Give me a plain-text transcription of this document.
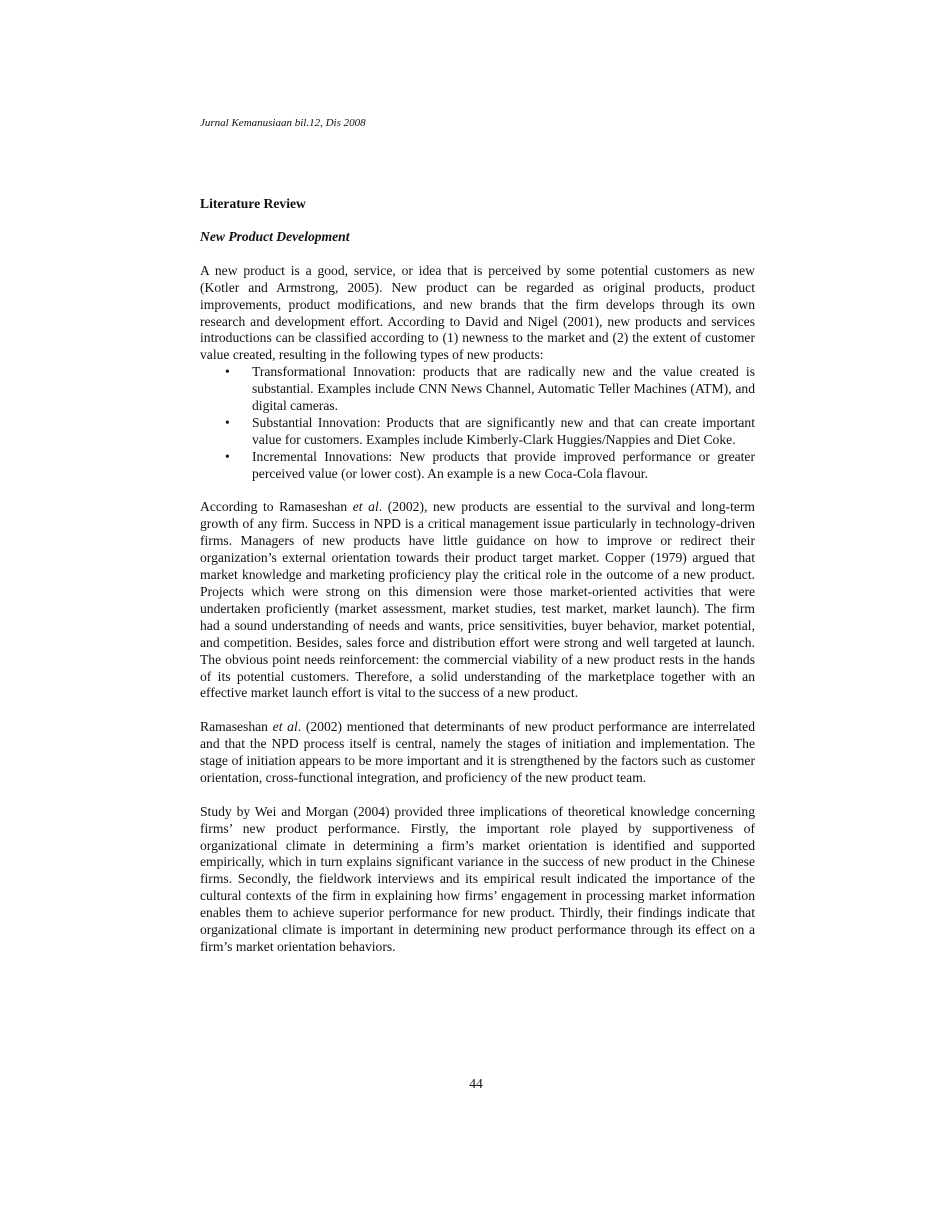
Jurnal Kemanusiaan bil.12, Dis 2008
Literature Review
New Product Development

A new product is a good, service, or idea that is perceived by some potential customers as new (Kotler and Armstrong, 2005). New product can be regarded as original products, product improvements, product modifications, and new brands that the firm develops through its own research and development effort. According to David and Nigel (2001), new products and services introductions can be classified according to (1) newness to the market and (2) the extent of customer value created, resulting in the following types of new products:

• Transformational Innovation: products that are radically new and the value created is substantial. Examples include CNN News Channel, Automatic Teller Machines (ATM), and digital cameras.
• Substantial Innovation: Products that are significantly new and that can create important value for customers. Examples include Kimberly-Clark Huggies/Nappies and Diet Coke.
• Incremental Innovations: New products that provide improved performance or greater perceived value (or lower cost). An example is a new Coca-Cola flavour.

According to Ramaseshan et al. (2002), new products are essential to the survival and long-term growth of any firm. Success in NPD is a critical management issue particularly in technology-driven firms. Managers of new products have little guidance on how to improve or redirect their organization’s external orientation towards their product target market. Copper (1979) argued that market knowledge and marketing proficiency play the critical role in the outcome of a new product. Projects which were strong on this dimension were those market-oriented activities that were undertaken proficiently (market assessment, market studies, test market, market launch). The firm had a sound understanding of needs and wants, price sensitivities, buyer behavior, market potential, and competition. Besides, sales force and distribution effort were strong and well targeted at launch. The obvious point needs reinforcement: the commercial viability of a new product rests in the hands of its potential customers. Therefore, a solid understanding of the marketplace together with an effective market launch effort is vital to the success of a new product.

Ramaseshan et al. (2002) mentioned that determinants of new product performance are interrelated and that the NPD process itself is central, namely the stages of initiation and implementation. The stage of initiation appears to be more important and it is strengthened by the factors such as customer orientation, cross-functional integration, and proficiency of the new product team.

Study by Wei and Morgan (2004) provided three implications of theoretical knowledge concerning firms’ new product performance. Firstly, the important role played by supportiveness of organizational climate in determining a firm’s market orientation is identified and supported empirically, which in turn explains significant variance in the success of new product in the Chinese firms. Secondly, the fieldwork interviews and its empirical result indicated the importance of the cultural contexts of the firm in explaining how firms’ engagement in processing market information enables them to achieve superior performance for new product. Thirdly, their findings indicate that organizational climate is important in determining new product performance through its effect on a firm’s market orientation behaviors.

44
